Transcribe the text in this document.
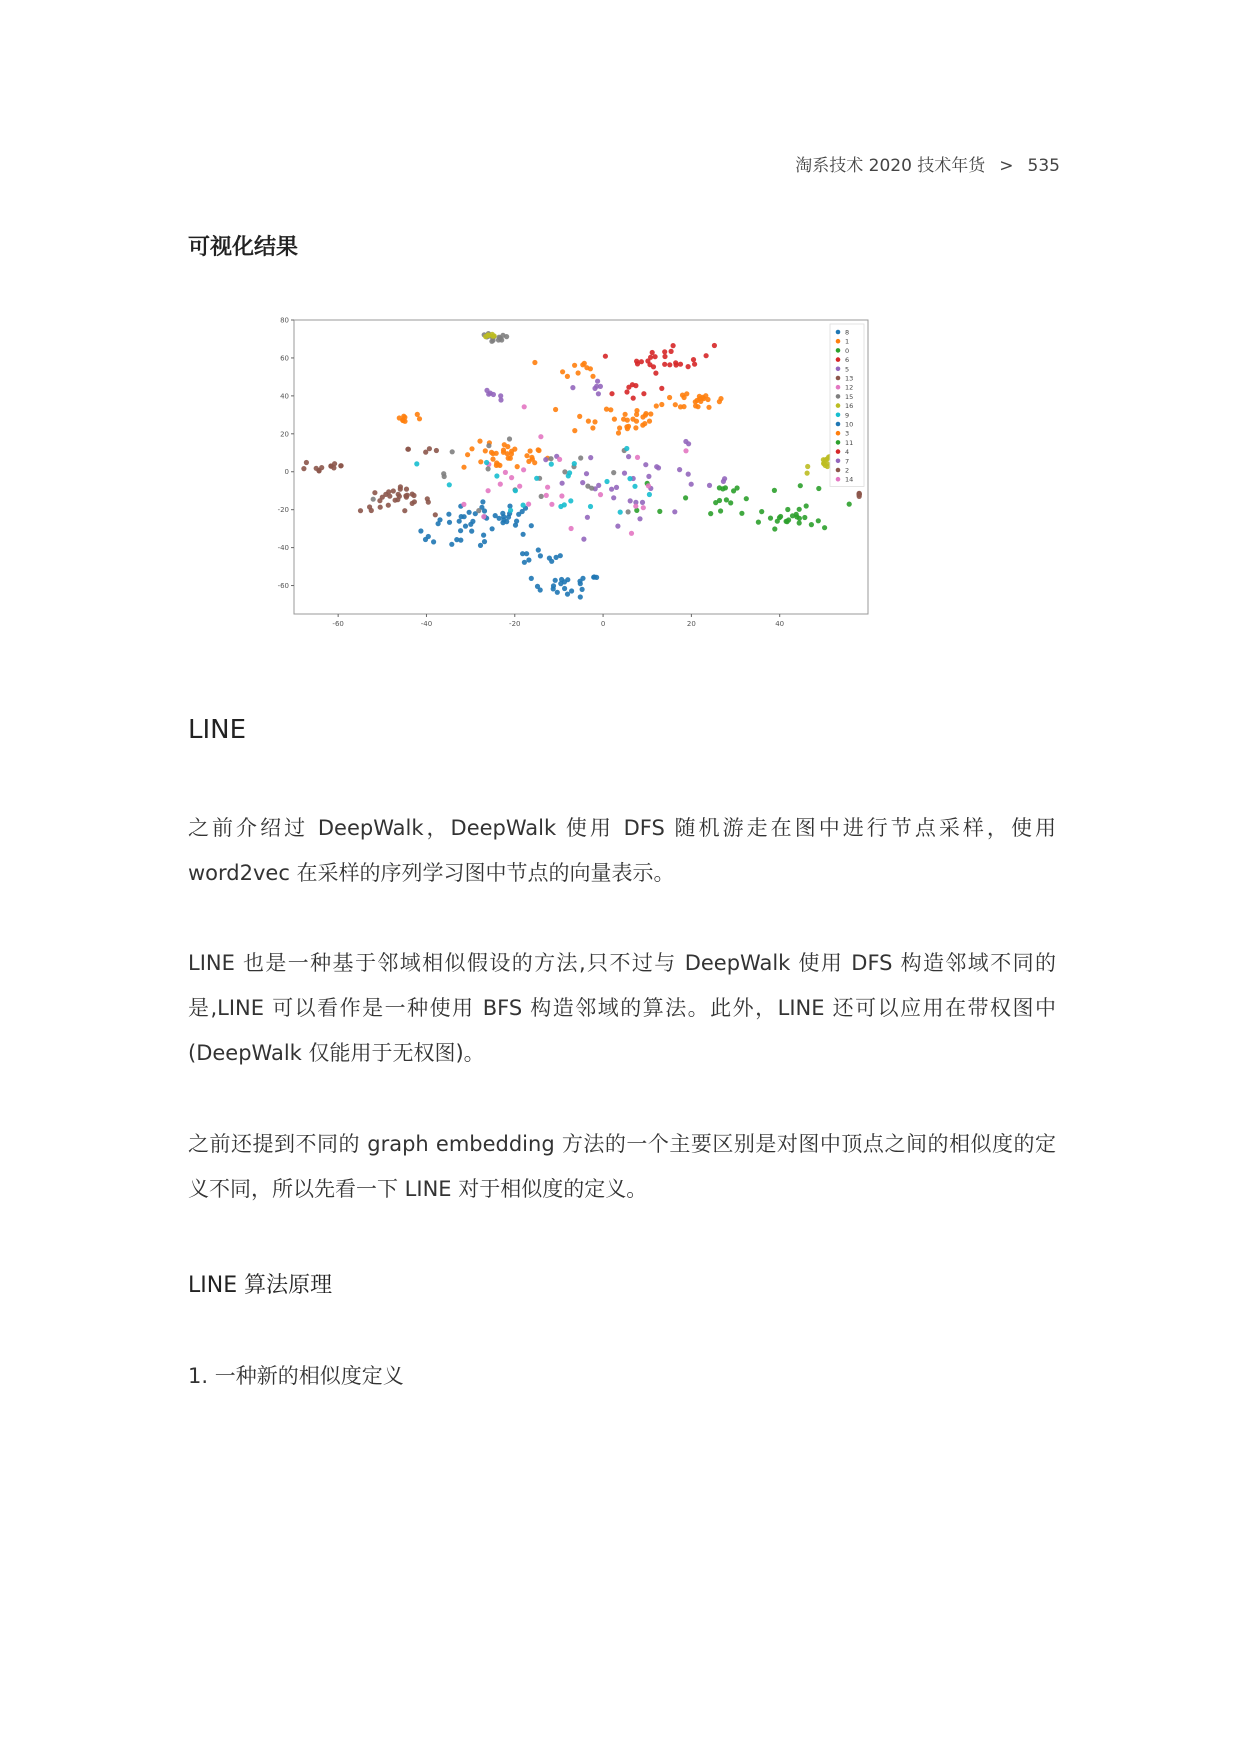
淘系技术 2020 技术年货 > 535
可视化结果
-60	-40	-20	0	20	40
80
60
40
20
0
-20
-40
-60
8
1
0
6
5
13
12
15
16
9
10
3
11
4
7
2
14
LINE

之前介绍过 DeepWalk，DeepWalk 使用 DFS 随机游走在图中进行节点采样，使用 word2vec 在采样的序列学习图中节点的向量表示。

LINE 也是一种基于邻域相似假设的方法,只不过与 DeepWalk 使用 DFS 构造邻域不同的是,LINE 可以看作是一种使用 BFS 构造邻域的算法。此外，LINE 还可以应用在带权图中(DeepWalk 仅能用于无权图)。

之前还提到不同的 graph embedding 方法的一个主要区别是对图中顶点之间的相似度的定义不同，所以先看一下 LINE 对于相似度的定义。

LINE 算法原理
1. 一种新的相似度定义
